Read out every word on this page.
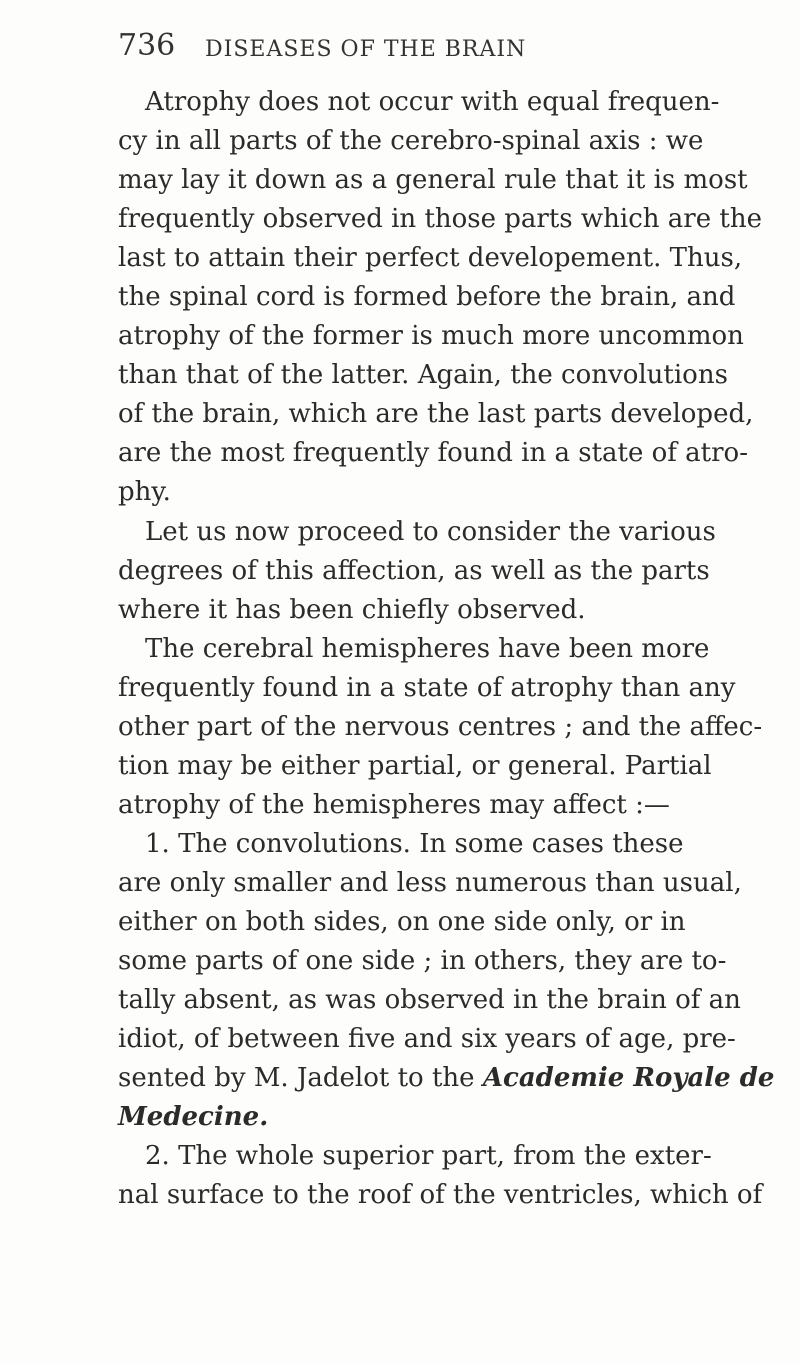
736 DISEASES OF THE BRAIN
Atrophy does not occur with equal frequen-
cy in all parts of the cerebro-spinal axis : we
may lay it down as a general rule that it is most
frequently observed in those parts which are the
last to attain their perfect developement. Thus,
the spinal cord is formed before the brain, and
atrophy of the former is much more uncommon
than that of the latter. Again, the convolutions
of the brain, which are the last parts developed,
are the most frequently found in a state of atro-
phy.
Let us now proceed to consider the various
degrees of this affection, as well as the parts
where it has been chiefly observed.
The cerebral hemispheres have been more
frequently found in a state of atrophy than any
other part of the nervous centres ; and the affec-
tion may be either partial, or general. Partial
atrophy of the hemispheres may affect :—
1. The convolutions. In some cases these
are only smaller and less numerous than usual,
either on both sides, on one side only, or in
some parts of one side ; in others, they are to-
tally absent, as was observed in the brain of an
idiot, of between five and six years of age, pre-
sented by M. Jadelot to the Academie Royale de
Medecine.
2. The whole superior part, from the exter-
nal surface to the roof of the ventricles, which of
